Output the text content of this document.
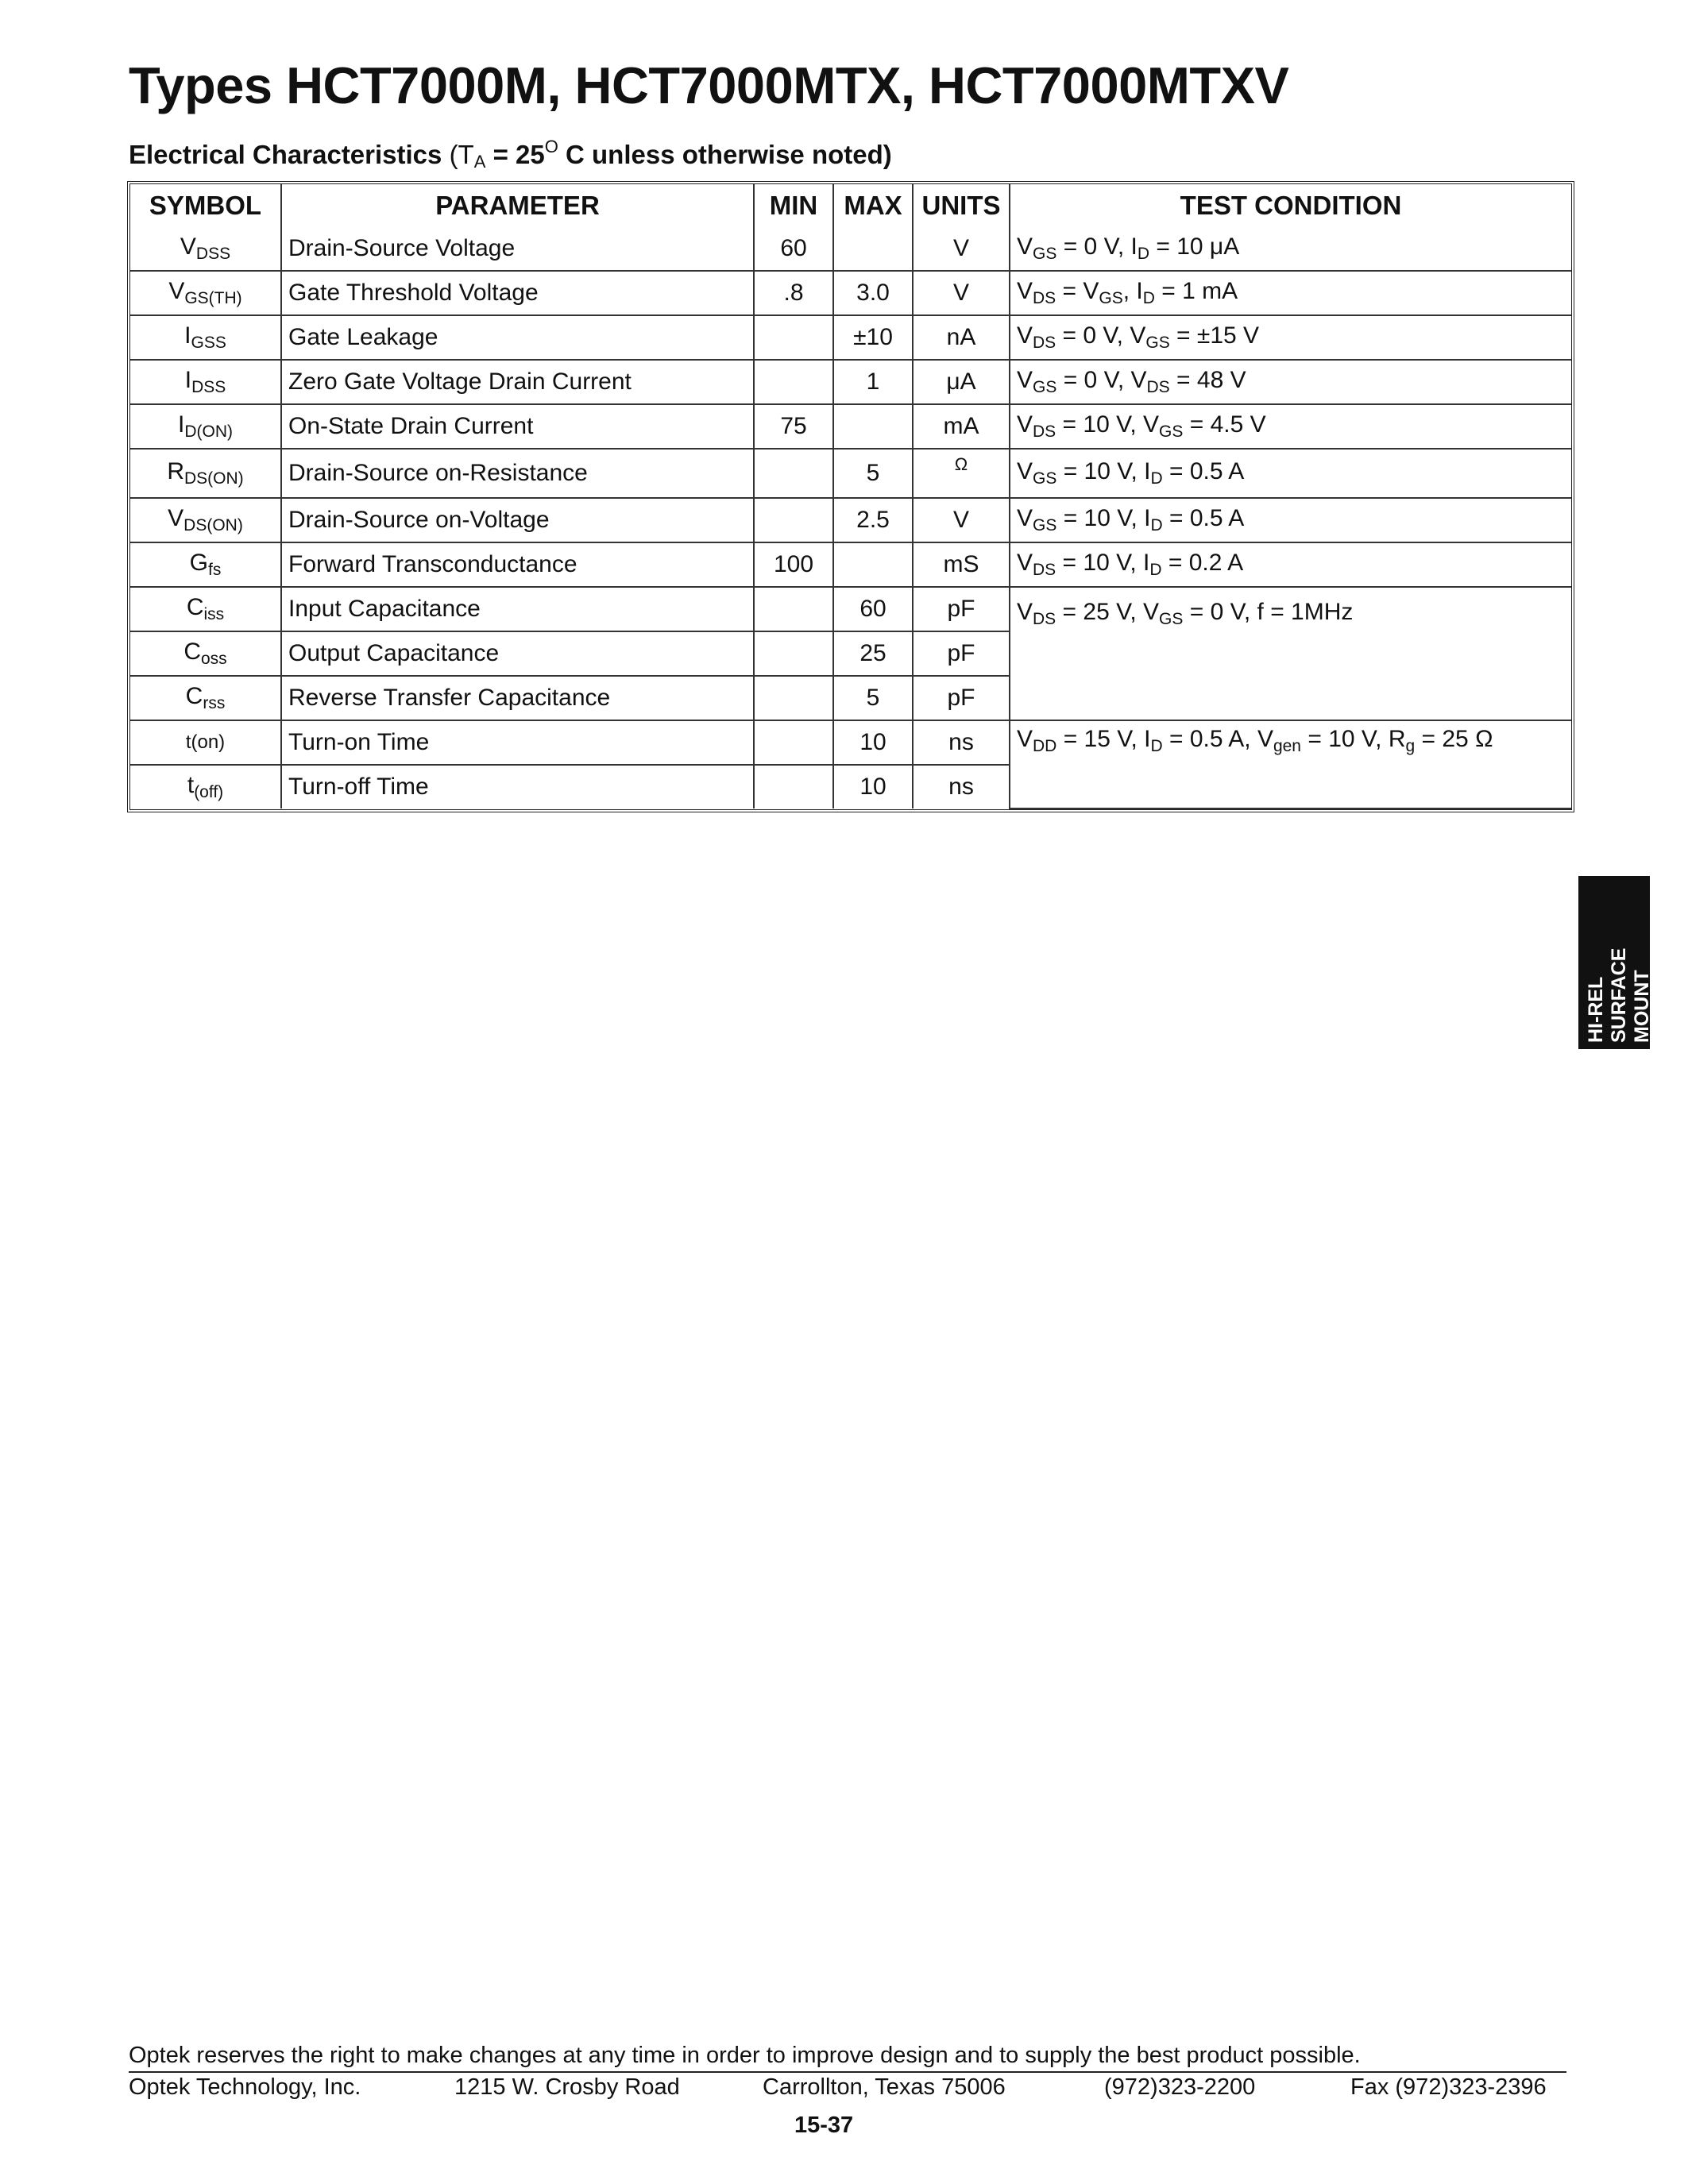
Types HCT7000M, HCT7000MTX, HCT7000MTXV
Electrical Characteristics ($T_A = 25^O$ C unless otherwise noted)
SYMBOL	PARAMETER	MIN	MAX	UNITS	TEST CONDITION
$V_{DSS}$	Drain-Source Voltage	60		V	$V_{GS} = 0$ V, $I_D = 10$ μA
$V_{GS(TH)}$	Gate Threshold Voltage	.8	3.0	V	$V_{DS} = V_{GS}$, $I_D = 1$ mA
$I_{GSS}$	Gate Leakage		±10	nA	$V_{DS} = 0$ V, $V_{GS} = \pm 15$ V
$I_{DSS}$	Zero Gate Voltage Drain Current		1	μA	$V_{GS} = 0$ V, $V_{DS} = 48$ V
$I_{D(ON)}$	On-State Drain Current	75		mA	$V_{DS} = 10$ V, $V_{GS} = 4.5$ V
$R_{DS(ON)}$	Drain-Source on-Resistance		5	Ω	$V_{GS} = 10$ V, $I_D = 0.5$ A
$V_{DS(ON)}$	Drain-Source on-Voltage		2.5	V	$V_{GS} = 10$ V, $I_D = 0.5$ A
$G_{fs}$	Forward Transconductance	100		mS	$V_{DS} = 10$ V, $I_D = 0.2$ A
$C_{iss}$	Input Capacitance		60	pF	$V_{DS} = 25$ V, $V_{GS} = 0$ V, f = 1MHz
$C_{oss}$	Output Capacitance		25	pF	
$C_{rss}$	Reverse Transfer Capacitance		5	pF	
t(on)	Turn-on Time		10	ns	$V_{DD} = 15$ V, $I_D = 0.5$ A, $V_{gen} = 10$ V, $R_g = 25$ Ω
$t_{(off)}$	Turn-off Time		10	ns	
HI-REL SURFACE MOUNT
Optek reserves the right to make changes at any time in order to improve design and to supply the best product possible.
Optek Technology, Inc.	1215 W. Crosby Road	Carrollton, Texas 75006	(972)323-2200	Fax (972)323-2396
15-37
